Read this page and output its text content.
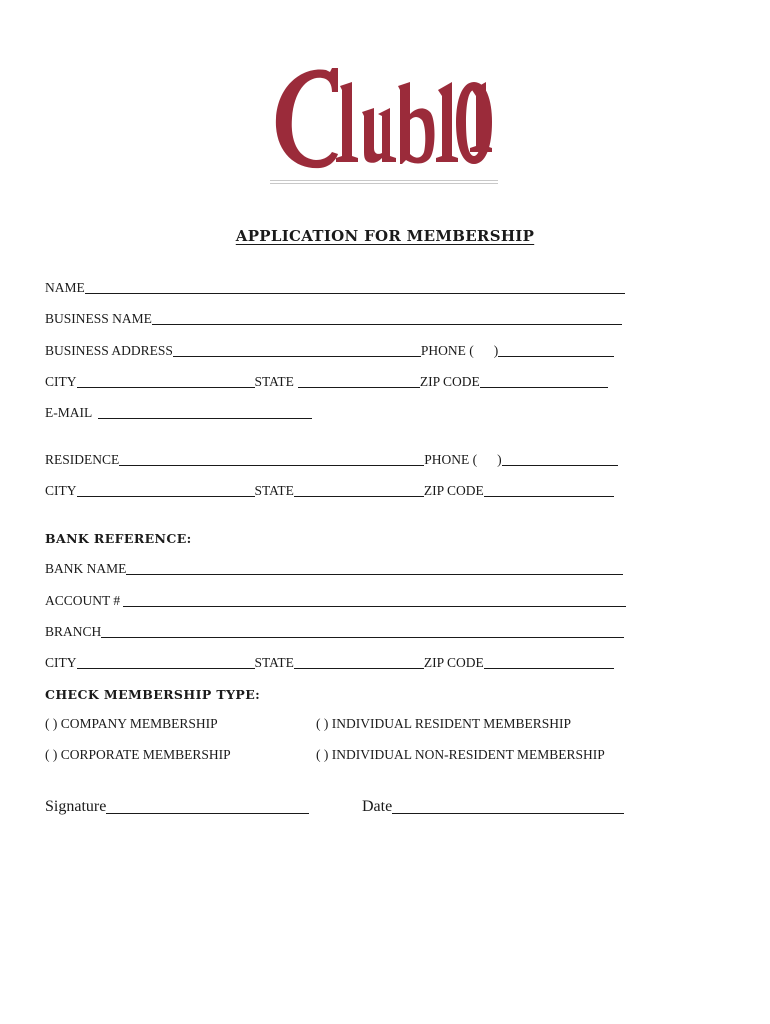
APPLICATION FOR MEMBERSHIP
NAME
BUSINESS NAME
BUSINESS ADDRESS	PHONE ( )
CITY	STATE	ZIP CODE
E-MAIL
RESIDENCE	PHONE ( )
CITY	STATE	ZIP CODE
BANK REFERENCE:
BANK NAME
ACCOUNT #
BRANCH
CITY	STATE	ZIP CODE
CHECK MEMBERSHIP TYPE:
( ) COMPANY MEMBERSHIP	( ) INDIVIDUAL RESIDENT MEMBERSHIP
( ) CORPORATE MEMBERSHIP	( ) INDIVIDUAL NON-RESIDENT MEMBERSHIP
Signature	Date
